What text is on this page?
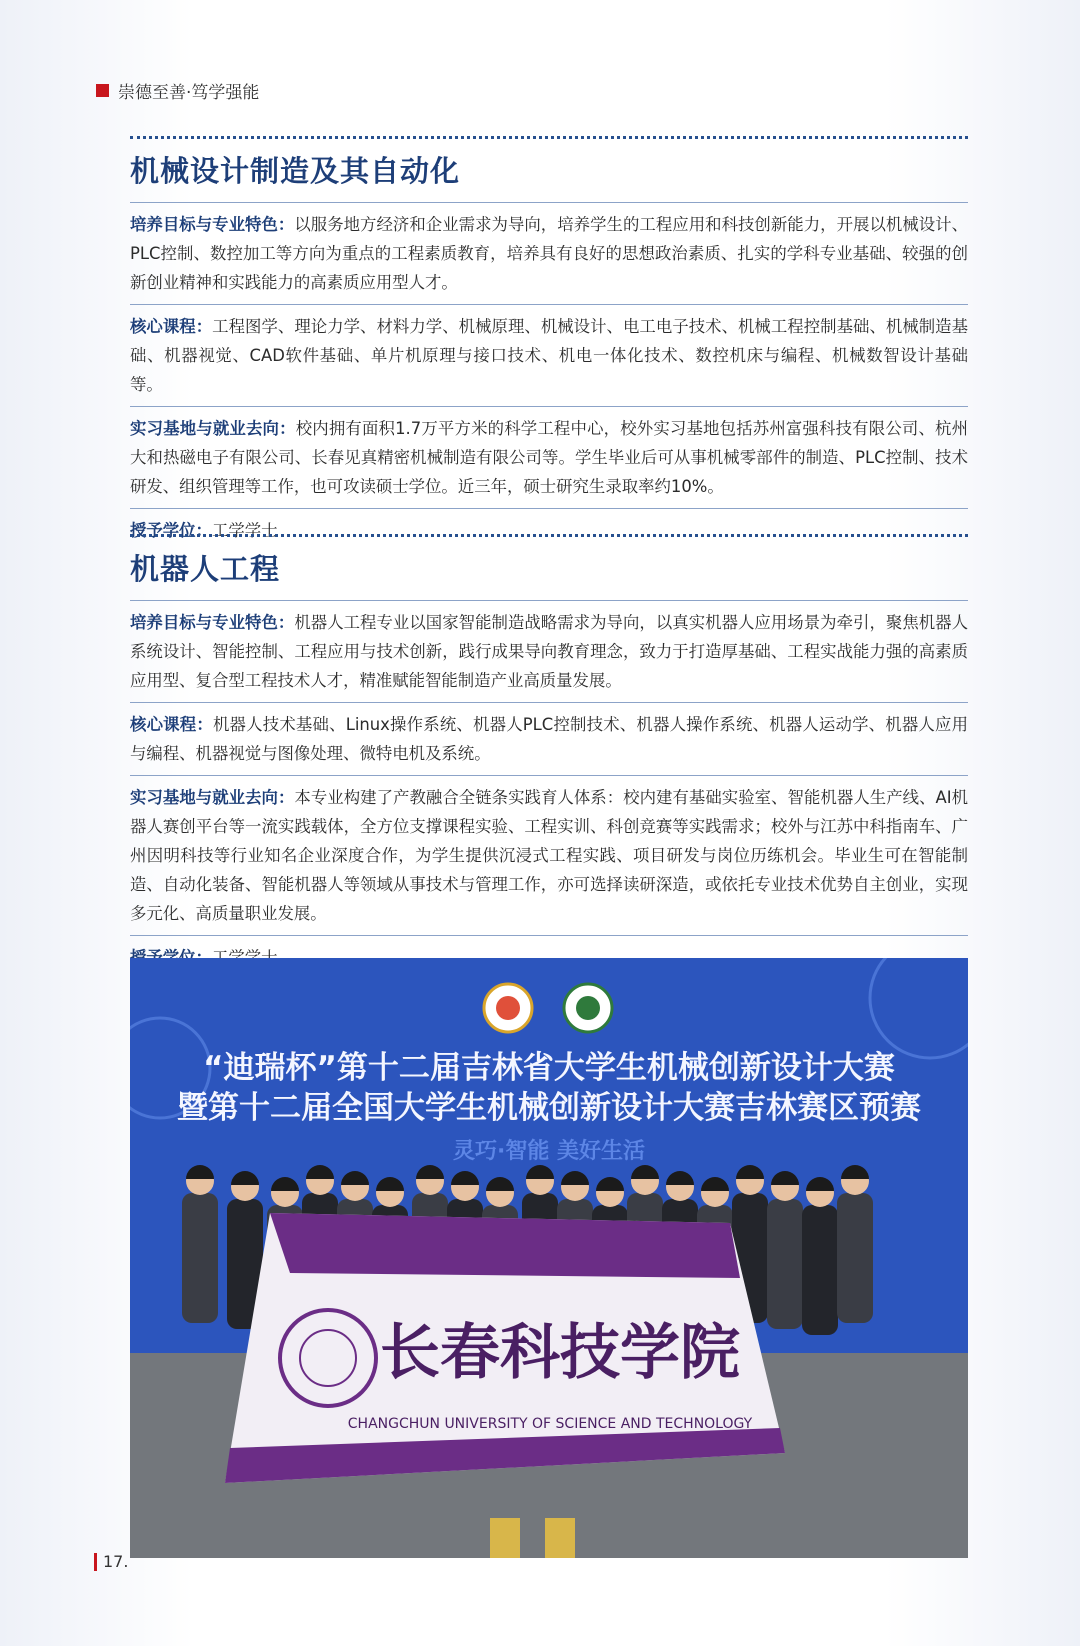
崇德至善·笃学强能
机械设计制造及其自动化
培养目标与专业特色：以服务地方经济和企业需求为导向，培养学生的工程应用和科技创新能力，开展以机械设计、PLC控制、数控加工等方向为重点的工程素质教育，培养具有良好的思想政治素质、扎实的学科专业基础、较强的创新创业精神和实践能力的高素质应用型人才。
核心课程：工程图学、理论力学、材料力学、机械原理、机械设计、电工电子技术、机械工程控制基础、机械制造基础、机器视觉、CAD软件基础、单片机原理与接口技术、机电一体化技术、数控机床与编程、机械数智设计基础等。
实习基地与就业去向：校内拥有面积1.7万平方米的科学工程中心，校外实习基地包括苏州富强科技有限公司、杭州大和热磁电子有限公司、长春见真精密机械制造有限公司等。学生毕业后可从事机械零部件的制造、PLC控制、技术研发、组织管理等工作，也可攻读硕士学位。近三年，硕士研究生录取率约10%。
授予学位：工学学士
机器人工程
培养目标与专业特色：机器人工程专业以国家智能制造战略需求为导向，以真实机器人应用场景为牵引，聚焦机器人系统设计、智能控制、工程应用与技术创新，践行成果导向教育理念，致力于打造厚基础、工程实战能力强的高素质应用型、复合型工程技术人才，精准赋能智能制造产业高质量发展。
核心课程：机器人技术基础、Linux操作系统、机器人PLC控制技术、机器人操作系统、机器人运动学、机器人应用与编程、机器视觉与图像处理、微特电机及系统。
实习基地与就业去向：本专业构建了产教融合全链条实践育人体系：校内建有基础实验室、智能机器人生产线、AI机器人赛创平台等一流实践载体，全方位支撑课程实验、工程实训、科创竞赛等实践需求；校外与江苏中科指南车、广州因明科技等行业知名企业深度合作，为学生提供沉浸式工程实践、项目研发与岗位历练机会。毕业生可在智能制造、自动化装备、智能机器人等领域从事技术与管理工作，亦可选择读研深造，或依托专业技术优势自主创业，实现多元化、高质量职业发展。
“迪瑞杯”第十二届吉林省大学生机械创新设计大赛
暨第十二届全国大学生机械创新设计大赛吉林赛区预赛
灵巧·智能 美好生活
长春科技学院
CHANGCHUN UNIVERSITY OF SCIENCE AND TECHNOLOGY
17.
